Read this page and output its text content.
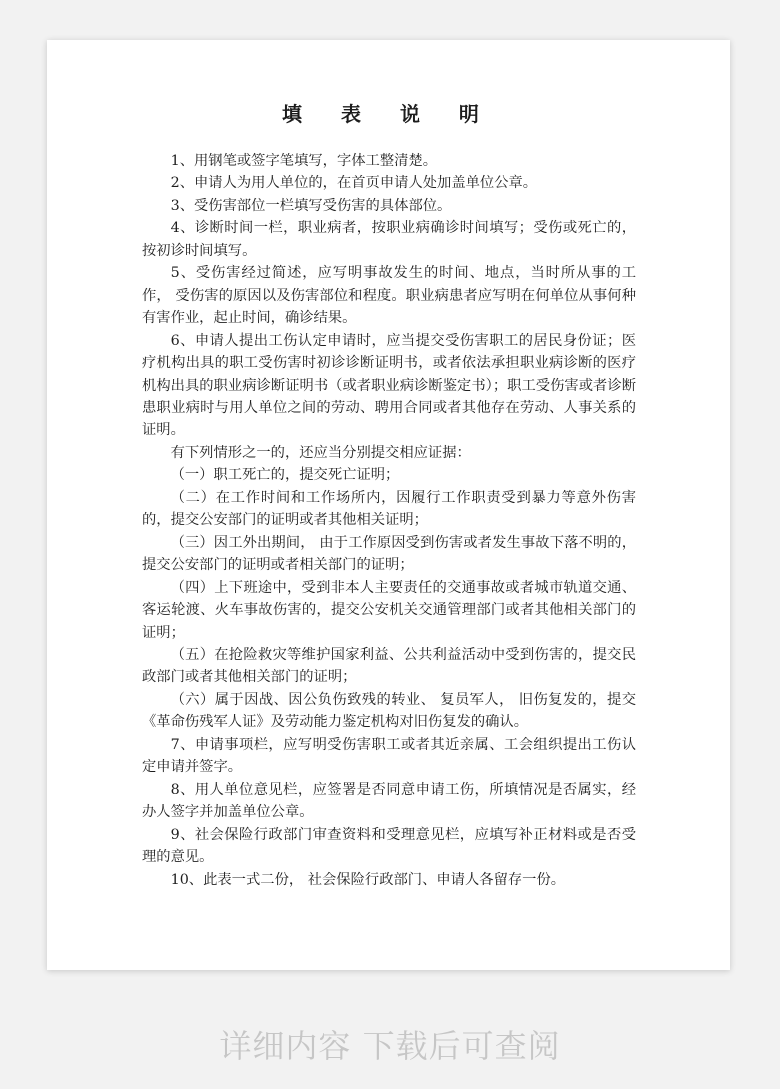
填 表 说 明

1、用钢笔或签字笔填写，字体工整清楚。

2、申请人为用人单位的，在首页申请人处加盖单位公章。

3、受伤害部位一栏填写受伤害的具体部位。

4、诊断时间一栏，职业病者，按职业病确诊时间填写；受伤或死亡的，按初诊时间填写。

5、受伤害经过简述，应写明事故发生的时间、地点，当时所从事的工作， 受伤害的原因以及伤害部位和程度。职业病患者应写明在何单位从事何种有害作业，起止时间，确诊结果。

6、申请人提出工伤认定申请时，应当提交受伤害职工的居民身份证；医疗机构出具的职工受伤害时初诊诊断证明书，或者依法承担职业病诊断的医疗机构出具的职业病诊断证明书（或者职业病诊断鉴定书）；职工受伤害或者诊断患职业病时与用人单位之间的劳动、聘用合同或者其他存在劳动、人事关系的证明。

有下列情形之一的，还应当分别提交相应证据：

（一）职工死亡的，提交死亡证明；

（二）在工作时间和工作场所内，因履行工作职责受到暴力等意外伤害的，提交公安部门的证明或者其他相关证明；

（三）因工外出期间， 由于工作原因受到伤害或者发生事故下落不明的，提交公安部门的证明或者相关部门的证明；

（四）上下班途中，受到非本人主要责任的交通事故或者城市轨道交通、客运轮渡、火车事故伤害的，提交公安机关交通管理部门或者其他相关部门的证明；

（五）在抢险救灾等维护国家利益、公共利益活动中受到伤害的，提交民政部门或者其他相关部门的证明；

（六）属于因战、因公负伤致残的转业、 复员军人， 旧伤复发的，提交《革命伤残军人证》及劳动能力鉴定机构对旧伤复发的确认。

7、申请事项栏，应写明受伤害职工或者其近亲属、工会组织提出工伤认定申请并签字。

8、用人单位意见栏，应签署是否同意申请工伤，所填情况是否属实，经办人签字并加盖单位公章。

9、社会保险行政部门审查资料和受理意见栏，应填写补正材料或是否受理的意见。

10、此表一式二份， 社会保险行政部门、申请人各留存一份。

详细内容 下载后可查阅
